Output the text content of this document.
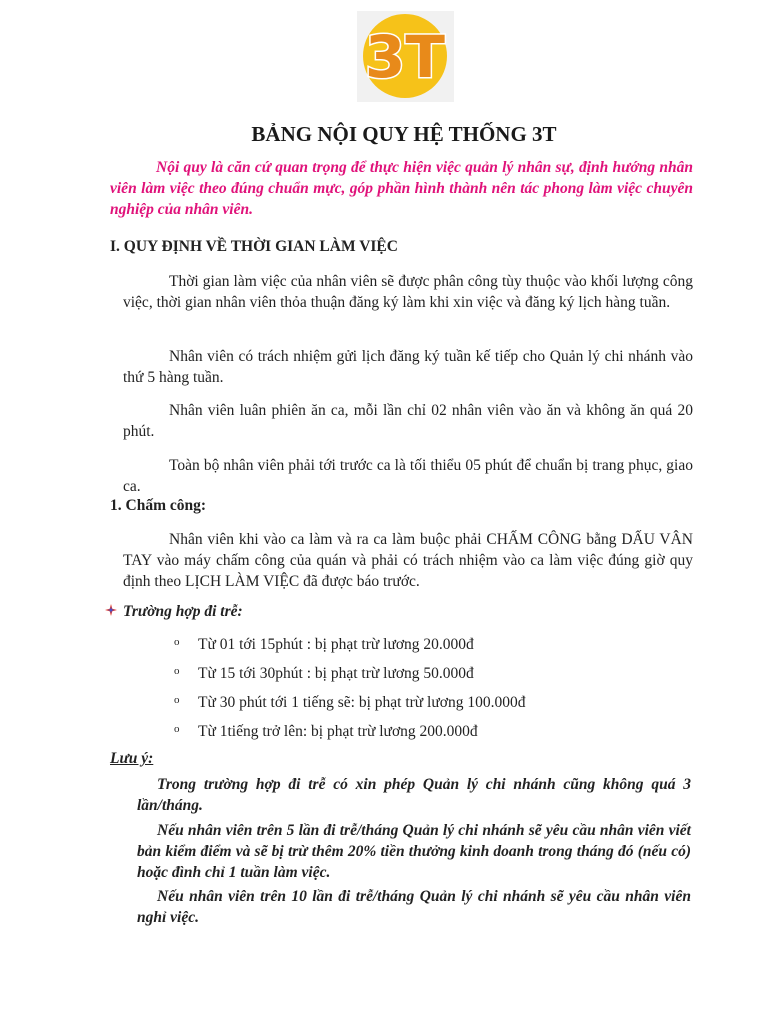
3T
BẢNG NỘI QUY HỆ THỐNG 3T
Nội quy là căn cứ quan trọng để thực hiện việc quản lý nhân sự, định hướng nhân viên làm việc theo đúng chuẩn mực, góp phần hình thành nên tác phong làm việc chuyên nghiệp của nhân viên.
I. QUY ĐỊNH VỀ THỜI GIAN LÀM VIỆC
Thời gian làm việc của nhân viên sẽ được phân công tùy thuộc vào khối lượng công việc, thời gian nhân viên thỏa thuận đăng ký làm khi xin việc và đăng ký lịch hàng tuần.
Nhân viên có trách nhiệm gửi lịch đăng ký tuần kế tiếp cho Quản lý chi nhánh vào thứ 5 hàng tuần.
Nhân viên luân phiên ăn ca, mỗi lần chỉ 02 nhân viên vào ăn và không ăn quá 20 phút.
Toàn bộ nhân viên phải tới trước ca là tối thiểu 05 phút để chuẩn bị trang phục, giao ca.
1. Chấm công:
Nhân viên khi vào ca làm và ra ca làm buộc phải CHẤM CÔNG bằng DẤU VÂN TAY vào máy chấm công của quán và phải có trách nhiệm vào ca làm việc đúng giờ quy định theo LỊCH LÀM VIỆC đã được báo trước.
Trường hợp đi trễ:
o Từ 01 tới 15phút : bị phạt trừ lương 20.000đ
o Từ 15 tới 30phút : bị phạt trừ lương 50.000đ
o Từ 30 phút tới 1 tiếng sẽ: bị phạt trừ lương 100.000đ
o Từ 1tiếng trở lên: bị phạt trừ lương 200.000đ
Lưu ý:
Trong trường hợp đi trễ có xin phép Quản lý chi nhánh cũng không quá 3 lần/tháng.
Nếu nhân viên trên 5 lần đi trễ/tháng Quản lý chi nhánh sẽ yêu cầu nhân viên viết bản kiểm điểm và sẽ bị trừ thêm 20% tiền thưởng kinh doanh trong tháng đó (nếu có) hoặc đình chỉ 1 tuần làm việc.
Nếu nhân viên trên 10 lần đi trễ/tháng Quản lý chi nhánh sẽ yêu cầu nhân viên nghỉ việc.
